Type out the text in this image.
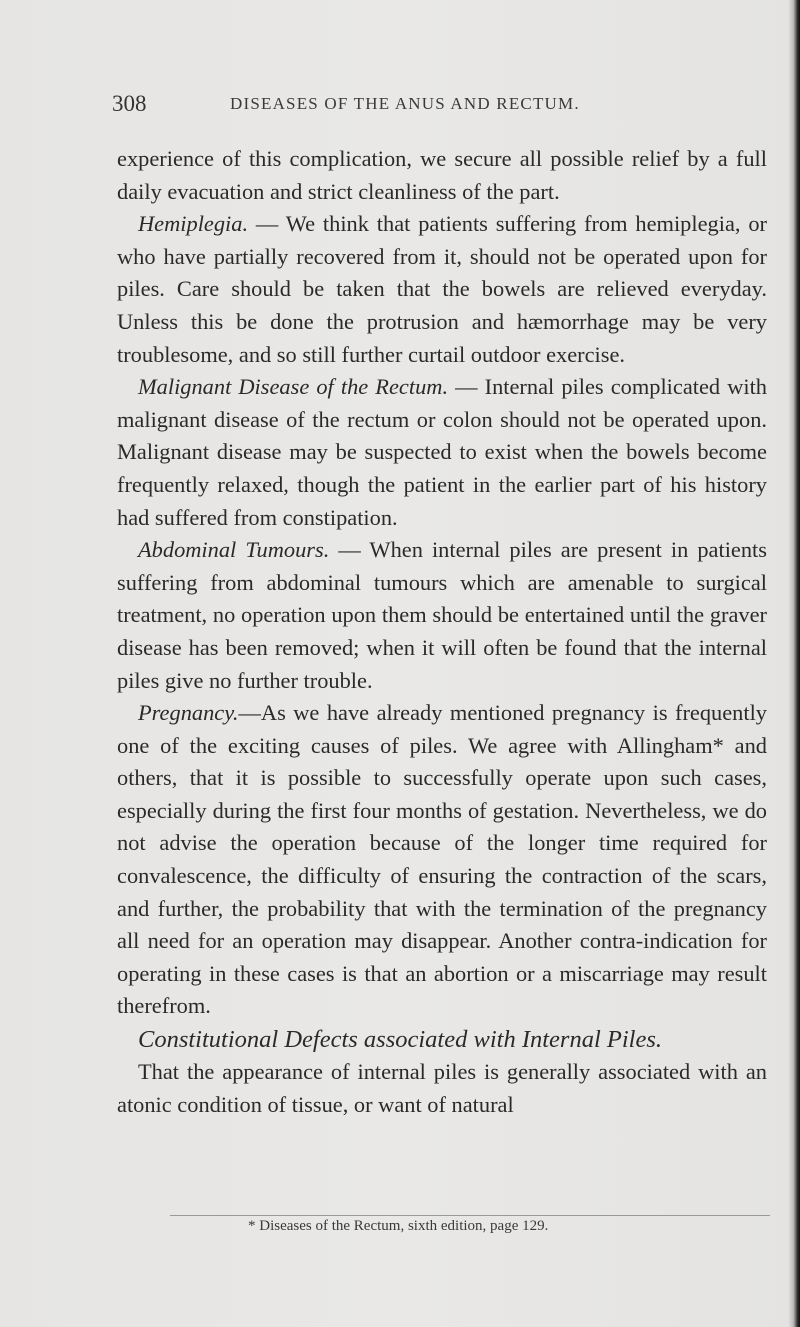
308	DISEASES OF THE ANUS AND RECTUM.

experience of this complication, we secure all possible relief by a full daily evacuation and strict cleanliness of the part.

Hemiplegia. — We think that patients suffering from hemiplegia, or who have partially recovered from it, should not be operated upon for piles. Care should be taken that the bowels are relieved everyday. Unless this be done the protrusion and hæmorrhage may be very troublesome, and so still further curtail outdoor exercise.

Malignant Disease of the Rectum. — Internal piles complicated with malignant disease of the rectum or colon should not be operated upon. Malignant disease may be suspected to exist when the bowels become frequently relaxed, though the patient in the earlier part of his history had suffered from constipation.

Abdominal Tumours. — When internal piles are present in patients suffering from abdominal tumours which are amenable to surgical treatment, no operation upon them should be entertained until the graver disease has been removed; when it will often be found that the internal piles give no further trouble.

Pregnancy.—As we have already mentioned pregnancy is frequently one of the exciting causes of piles. We agree with Allingham* and others, that it is possible to successfully operate upon such cases, especially during the first four months of gestation. Nevertheless, we do not advise the operation because of the longer time required for convalescence, the difficulty of ensuring the contraction of the scars, and further, the probability that with the termination of the pregnancy all need for an operation may disappear. Another contra-indication for operating in these cases is that an abortion or a miscarriage may result therefrom.

Constitutional Defects associated with Internal Piles.

That the appearance of internal piles is generally associated with an atonic condition of tissue, or want of natural

* Diseases of the Rectum, sixth edition, page 129.
